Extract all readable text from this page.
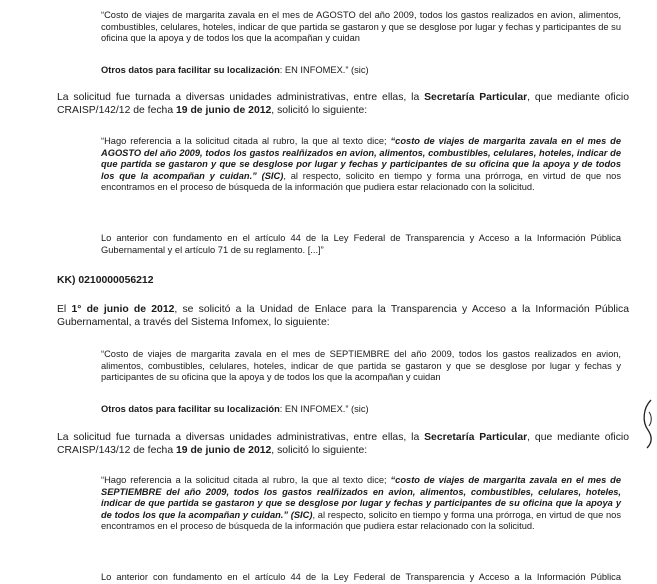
“Costo de viajes de margarita zavala en el mes de AGOSTO del año 2009, todos los gastos realizados en avion, alimentos, combustibles, celulares, hoteles, indicar de que partida se gastaron y que se desglose por lugar y fechas y participantes de su oficina que la apoya y de todos los que la acompañan y cuidan

Otros datos para facilitar su localización: EN INFOMEX.” (sic)

La solicitud fue turnada a diversas unidades administrativas, entre ellas, la Secretaría Particular, que mediante oficio CRAISP/142/12 de fecha 19 de junio de 2012, solicitó lo siguiente:

“Hago referencia a la solicitud citada al rubro, la que al texto dice; “costo de viajes de margarita zavala en el mes de AGOSTO del año 2009, todos los gastos realñizados en avion, alimentos, combustibles, celulares, hoteles, indicar de que partida se gastaron y que se desglose por lugar y fechas y participantes de su oficina que la apoya y de todos los que la acompañan y cuidan.” (SIC), al respecto, solicito en tiempo y forma una prórroga, en virtud de que nos encontramos en el proceso de búsqueda de la información que pudiera estar relacionado con la solicitud.

Lo anterior con fundamento en el artículo 44 de la Ley Federal de Transparencia y Acceso a la Información Pública Gubernamental y el artículo 71 de su reglamento. [...]”

KK) 0210000056212

El 1° de junio de 2012, se solicitó a la Unidad de Enlace para la Transparencia y Acceso a la Información Pública Gubernamental, a través del Sistema Infomex, lo siguiente:

“Costo de viajes de margarita zavala en el mes de SEPTIEMBRE del año 2009, todos los gastos realizados en avion, alimentos, combustibles, celulares, hoteles, indicar de que partida se gastaron y que se desglose por lugar y fechas y participantes de su oficina que la apoya y de todos los que la acompañan y cuidan

Otros datos para facilitar su localización: EN INFOMEX.” (sic)

La solicitud fue turnada a diversas unidades administrativas, entre ellas, la Secretaría Particular, que mediante oficio CRAISP/143/12 de fecha 19 de junio de 2012, solicitó lo siguiente:

“Hago referencia a la solicitud citada al rubro, la que al texto dice; “costo de viajes de margarita zavala en el mes de SEPTIEMBRE del año 2009, todos los gastos realñizados en avion, alimentos, combustibles, celulares, hoteles, indicar de que partida se gastaron y que se desglose por lugar y fechas y participantes de su oficina que la apoya y de todos los que la acompañan y cuidan.” (SIC), al respecto, solicito en tiempo y forma una prórroga, en virtud de que nos encontramos en el proceso de búsqueda de la información que pudiera estar relacionado con la solicitud.

Lo anterior con fundamento en el artículo 44 de la Ley Federal de Transparencia y Acceso a la Información Pública
